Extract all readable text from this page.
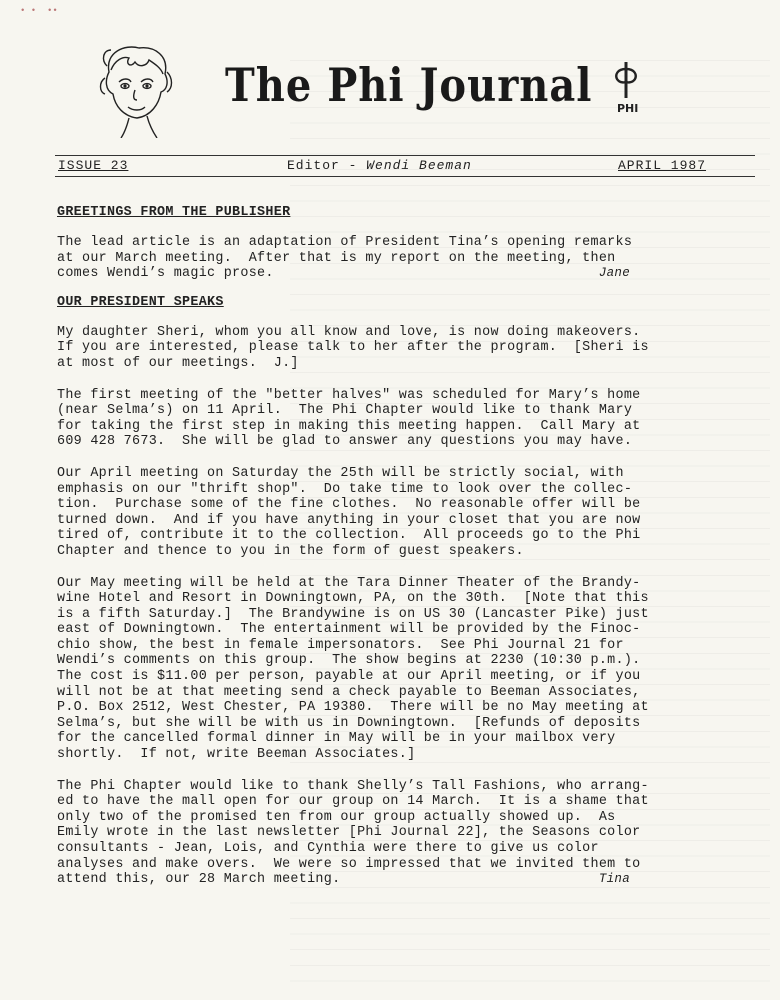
• •  ••
The Phi Journal PHI
ISSUE 23	Editor - Wendi Beeman	APRIL 1987
GREETINGS FROM THE PUBLISHER
The lead article is an adaptation of President Tina’s opening remarks
at our March meeting.  After that is my report on the meeting, then
comes Wendi’s magic prose.                                       Jane
OUR PRESIDENT SPEAKS
My daughter Sheri, whom you all know and love, is now doing makeovers.
If you are interested, please talk to her after the program.  [Sheri is
at most of our meetings.  J.]
The first meeting of the "better halves" was scheduled for Mary’s home
(near Selma’s) on 11 April.  The Phi Chapter would like to thank Mary
for taking the first step in making this meeting happen.  Call Mary at
609 428 7673.  She will be glad to answer any questions you may have.
Our April meeting on Saturday the 25th will be strictly social, with
emphasis on our "thrift shop".  Do take time to look over the collec-
tion.  Purchase some of the fine clothes.  No reasonable offer will be
turned down.  And if you have anything in your closet that you are now
tired of, contribute it to the collection.  All proceeds go to the Phi
Chapter and thence to you in the form of guest speakers.
Our May meeting will be held at the Tara Dinner Theater of the Brandy-
wine Hotel and Resort in Downingtown, PA, on the 30th.  [Note that this
is a fifth Saturday.]  The Brandywine is on US 30 (Lancaster Pike) just
east of Downingtown.  The entertainment will be provided by the Finoc-
chio show, the best in female impersonators.  See Phi Journal 21 for
Wendi’s comments on this group.  The show begins at 2230 (10:30 p.m.).
The cost is $11.00 per person, payable at our April meeting, or if you
will not be at that meeting send a check payable to Beeman Associates,
P.O. Box 2512, West Chester, PA 19380.  There will be no May meeting at
Selma’s, but she will be with us in Downingtown.  [Refunds of deposits
for the cancelled formal dinner in May will be in your mailbox very
shortly.  If not, write Beeman Associates.]
The Phi Chapter would like to thank Shelly’s Tall Fashions, who arrang-
ed to have the mall open for our group on 14 March.  It is a shame that
only two of the promised ten from our group actually showed up.  As
Emily wrote in the last newsletter [Phi Journal 22], the Seasons color
consultants - Jean, Lois, and Cynthia were there to give us color
analyses and make overs.  We were so impressed that we invited them to
attend this, our 28 March meeting.                               Tina
